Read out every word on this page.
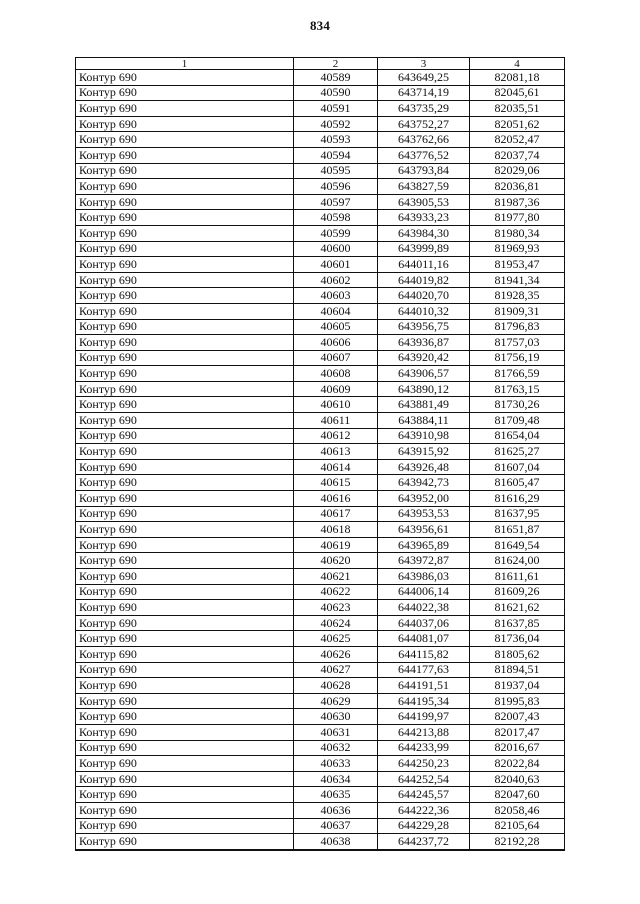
834
1	2	3	4
Контур 690	40589	643649,25	82081,18
Контур 690	40590	643714,19	82045,61
Контур 690	40591	643735,29	82035,51
Контур 690	40592	643752,27	82051,62
Контур 690	40593	643762,66	82052,47
Контур 690	40594	643776,52	82037,74
Контур 690	40595	643793,84	82029,06
Контур 690	40596	643827,59	82036,81
Контур 690	40597	643905,53	81987,36
Контур 690	40598	643933,23	81977,80
Контур 690	40599	643984,30	81980,34
Контур 690	40600	643999,89	81969,93
Контур 690	40601	644011,16	81953,47
Контур 690	40602	644019,82	81941,34
Контур 690	40603	644020,70	81928,35
Контур 690	40604	644010,32	81909,31
Контур 690	40605	643956,75	81796,83
Контур 690	40606	643936,87	81757,03
Контур 690	40607	643920,42	81756,19
Контур 690	40608	643906,57	81766,59
Контур 690	40609	643890,12	81763,15
Контур 690	40610	643881,49	81730,26
Контур 690	40611	643884,11	81709,48
Контур 690	40612	643910,98	81654,04
Контур 690	40613	643915,92	81625,27
Контур 690	40614	643926,48	81607,04
Контур 690	40615	643942,73	81605,47
Контур 690	40616	643952,00	81616,29
Контур 690	40617	643953,53	81637,95
Контур 690	40618	643956,61	81651,87
Контур 690	40619	643965,89	81649,54
Контур 690	40620	643972,87	81624,00
Контур 690	40621	643986,03	81611,61
Контур 690	40622	644006,14	81609,26
Контур 690	40623	644022,38	81621,62
Контур 690	40624	644037,06	81637,85
Контур 690	40625	644081,07	81736,04
Контур 690	40626	644115,82	81805,62
Контур 690	40627	644177,63	81894,51
Контур 690	40628	644191,51	81937,04
Контур 690	40629	644195,34	81995,83
Контур 690	40630	644199,97	82007,43
Контур 690	40631	644213,88	82017,47
Контур 690	40632	644233,99	82016,67
Контур 690	40633	644250,23	82022,84
Контур 690	40634	644252,54	82040,63
Контур 690	40635	644245,57	82047,60
Контур 690	40636	644222,36	82058,46
Контур 690	40637	644229,28	82105,64
Контур 690	40638	644237,72	82192,28
